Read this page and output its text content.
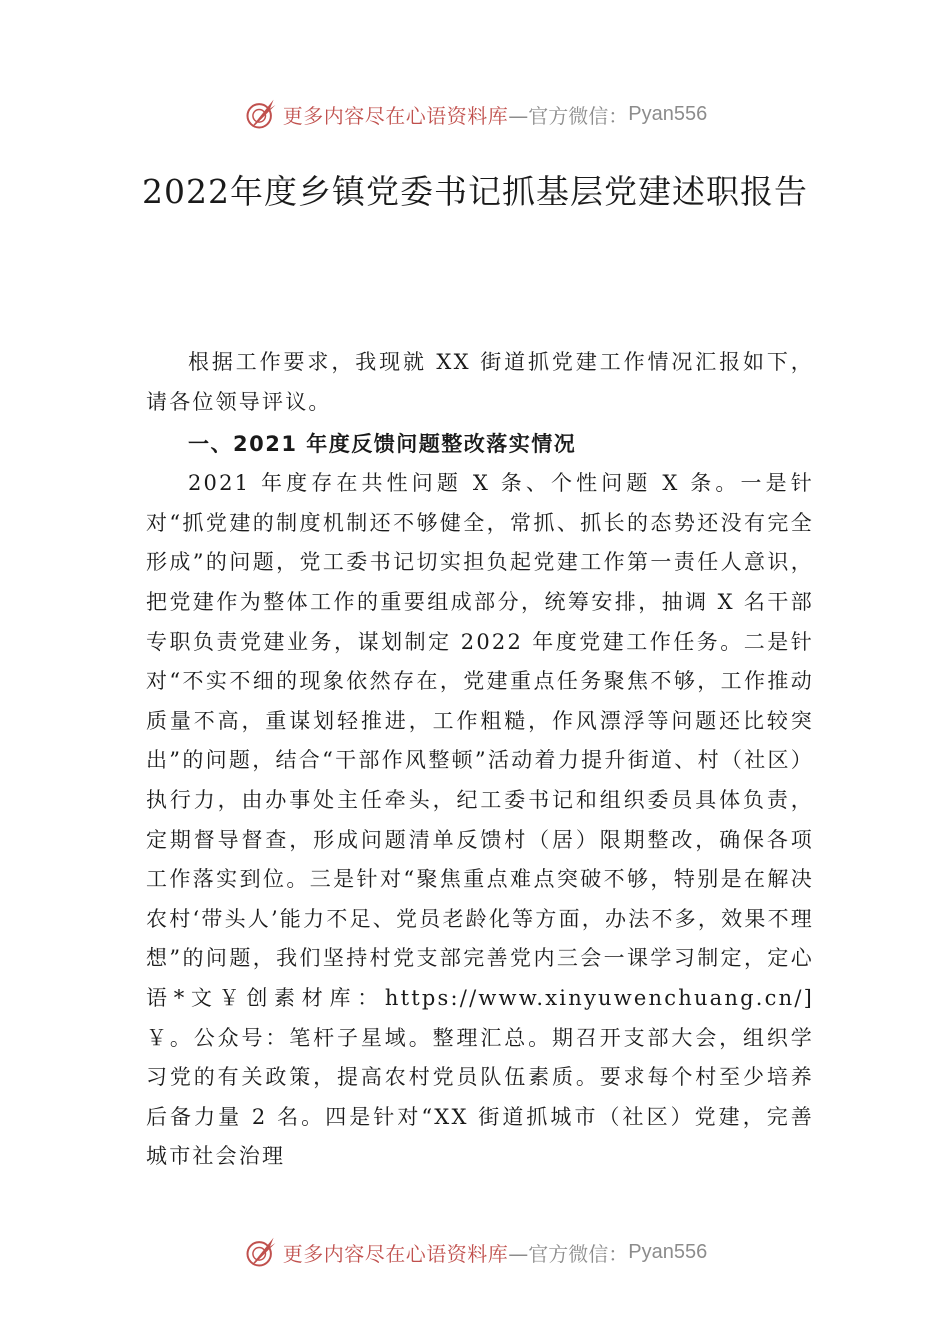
更多内容尽在心语资料库 —官方微信： Pyan556
2022年度乡镇党委书记抓基层党建述职报告

根据工作要求，我现就 XX 街道抓党建工作情况汇报如下，请各位领导评议。

一、2021 年度反馈问题整改落实情况

2021 年度存在共性问题 X 条、个性问题 X 条。一是针对“抓党建的制度机制还不够健全，常抓、抓长的态势还没有完全形成”的问题，党工委书记切实担负起党建工作第一责任人意识，把党建作为整体工作的重要组成部分，统筹安排，抽调 X 名干部专职负责党建业务，谋划制定 2022 年度党建工作任务。二是针对“不实不细的现象依然存在，党建重点任务聚焦不够，工作推动质量不高，重谋划轻推进，工作粗糙，作风漂浮等问题还比较突出”的问题，结合“干部作风整顿”活动着力提升街道、村（社区）执行力，由办事处主任牵头，纪工委书记和组织委员具体负责，定期督导督查，形成问题清单反馈村（居）限期整改，确保各项工作落实到位。三是针对“聚焦重点难点突破不够，特别是在解决农村‘带头人’能力不足、党员老龄化等方面，办法不多，效果不理想”的问题，我们坚持村党支部完善党内三会一课学习制定，定心语*文￥创素材库：https://www.xinyuwenchuang.cn/]￥。公众号：笔杆子星域。整理汇总。期召开支部大会，组织学习党的有关政策，提高农村党员队伍素质。要求每个村至少培养后备力量 2 名。四是针对“XX 街道抓城市（社区）党建，完善城市社会治理

更多内容尽在心语资料库 —官方微信： Pyan556
